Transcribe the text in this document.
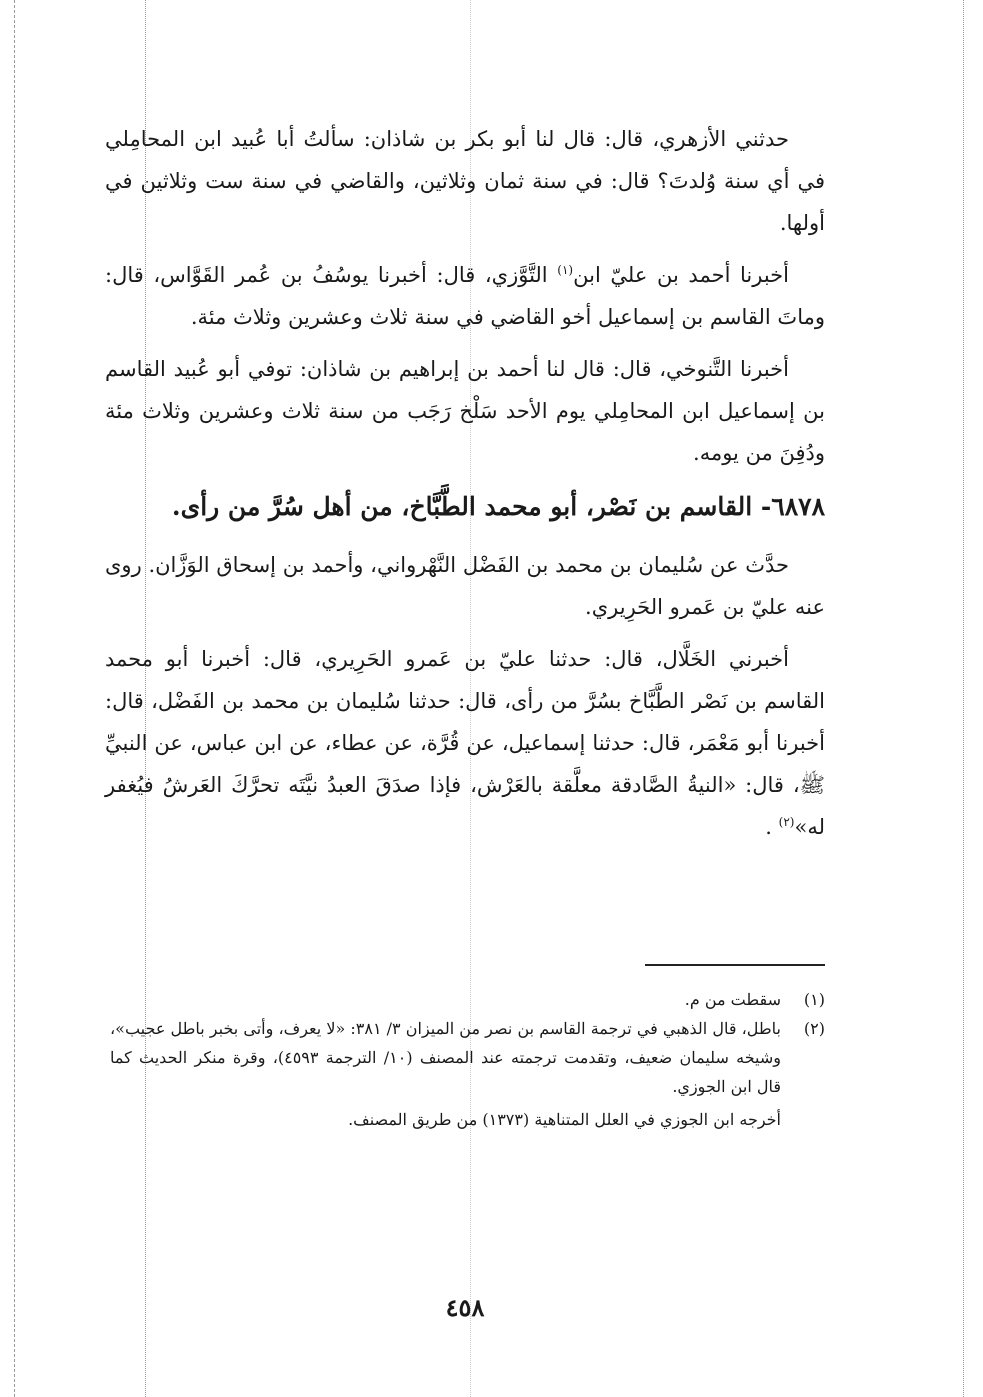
حدثني الأزهري، قال: قال لنا أبو بكر بن شاذان: سألتُ أبا عُبيد ابن المحامِلي في أي سنة وُلدتَ؟ قال: في سنة ثمان وثلاثين، والقاضي في سنة ست وثلاثين في أولها.

أخبرنا أحمد بن عليّ ابن$^{(١)}$ التَّوَّزي، قال: أخبرنا يوسُفُ بن عُمر القَوَّاس، قال: وماتَ القاسم بن إسماعيل أخو القاضي في سنة ثلاث وعشرين وثلاث مئة.

أخبرنا التَّنوخي، قال: قال لنا أحمد بن إبراهيم بن شاذان: توفي أبو عُبيد القاسم بن إسماعيل ابن المحامِلي يوم الأحد سَلْخ رَجَب من سنة ثلاث وعشرين وثلاث مئة ودُفِنَ من يومه.

٦٨٧٨- القاسم بن نَصْر، أبو محمد الطَّبَّاخ، من أهل سُرَّ من رأى.

حدَّث عن سُليمان بن محمد بن الفَضْل النَّهْرواني، وأحمد بن إسحاق الوَزَّان. روى عنه عليّ بن عَمرو الحَرِيري.

أخبرني الخَلَّال، قال: حدثنا عليّ بن عَمرو الحَرِيري، قال: أخبرنا أبو محمد القاسم بن نَصْر الطَّبَّاخ بسُرَّ من رأى، قال: حدثنا سُليمان بن محمد بن الفَضْل، قال: أخبرنا أبو مَعْمَر، قال: حدثنا إسماعيل، عن قُرَّة، عن عطاء، عن ابن عباس، عن النبيِّ ﷺ، قال: «النيةُ الصَّادقة معلَّقة بالعَرْش، فإذا صدَقَ العبدُ نيَّتَه تحرَّكَ العَرشُ فيُغفر له»$^{(٢)}$ .

(١)
سقطت من م.
(٢)
باطل، قال الذهبي في ترجمة القاسم بن نصر من الميزان ٣/ ٣٨١: «لا يعرف، وأتى بخبر باطل عجيب»، وشيخه سليمان ضعيف، وتقدمت ترجمته عند المصنف (١٠/ الترجمة ٤٥٩٣)، وقرة منكر الحديث كما قال ابن الجوزي.
أخرجه ابن الجوزي في العلل المتناهية (١٣٧٣) من طريق المصنف.
٤٥٨
